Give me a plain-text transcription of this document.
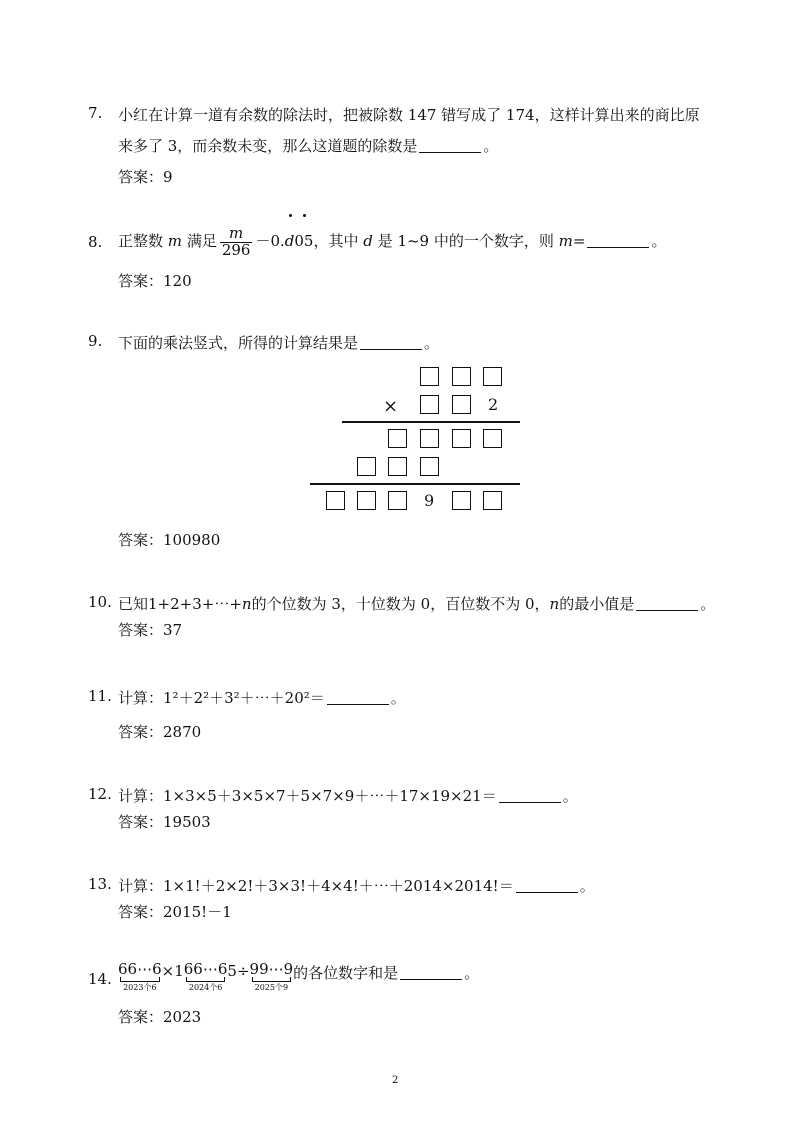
7. 小红在计算一道有余数的除法时，把被除数 147 错写成了 174，这样计算出来的商比原
来多了 3，而余数未变，那么这道题的除数是	。
答案：9
8. 正整数 m 满足 $\frac{m}{296} -0.d05$，其中 d 是 1~9 中的一个数字，则 m=	。
答案：120
9. 下面的乘法竖式，所得的计算结果是	。
×	2
9
答案：100980
10. 已知1+2+3+⋯+n的个位数为 3，十位数为 0，百位数不为 0，n的最小值是	。
答案：37
11. 计算：1²＋2²＋3²＋⋯＋20²＝	。
答案：2870
12. 计算：1×3×5＋3×5×7＋5×7×9＋⋯＋17×19×21＝	。
答案：19503
13. 计算：1×1!＋2×2!＋3×3!＋4×4!＋⋯＋2014×2014!＝	。
答案：2015!－1
14.
66⋯6
2023个6
×1 66⋯6
2024个6
5÷ 99⋯9
2025个9
的各位数字和是	。
答案：2023
2
